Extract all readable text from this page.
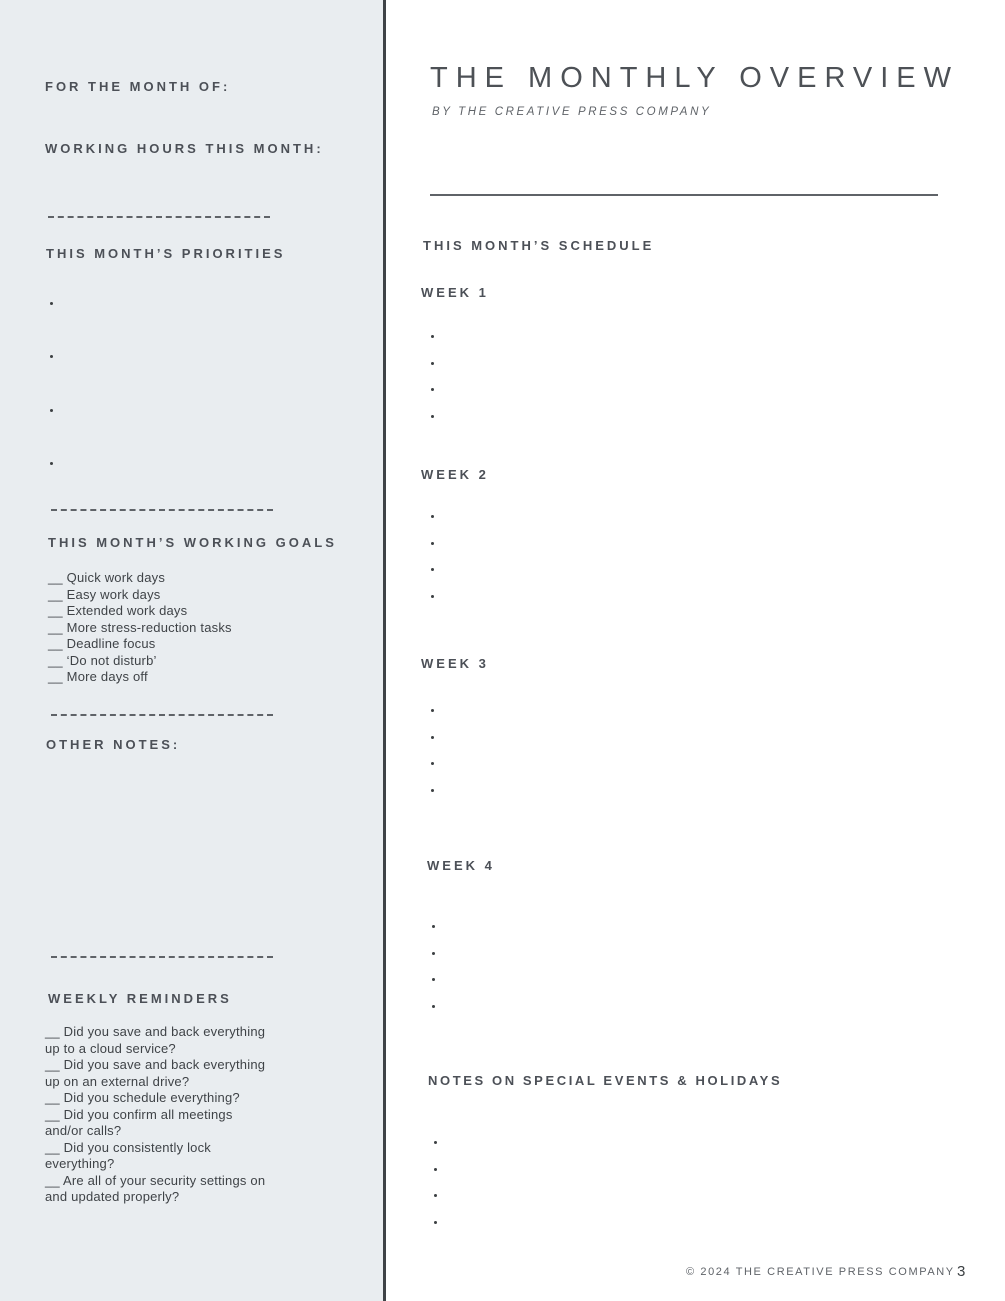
FOR THE MONTH OF:
WORKING HOURS THIS MONTH:
THIS MONTH’S PRIORITIES
THIS MONTH’S WORKING GOALS
__ Quick work days
__ Easy work days
__ Extended work days
__ More stress-reduction tasks
__ Deadline focus
__ ‘Do not disturb’
__ More days off
OTHER NOTES:
WEEKLY REMINDERS
__ Did you save and back everything up to a cloud service?
__ Did you save and back everything up on an external drive?
__ Did you schedule everything?
__ Did you confirm all meetings and/or calls?
__ Did you consistently lock everything?
__ Are all of your security settings on and updated properly?
THE MONTHLY OVERVIEW
BY THE CREATIVE PRESS COMPANY
THIS MONTH’S SCHEDULE
WEEK 1
WEEK 2
WEEK 3
WEEK 4
NOTES ON SPECIAL EVENTS & HOLIDAYS
© 2024 THE CREATIVE PRESS COMPANY 3
